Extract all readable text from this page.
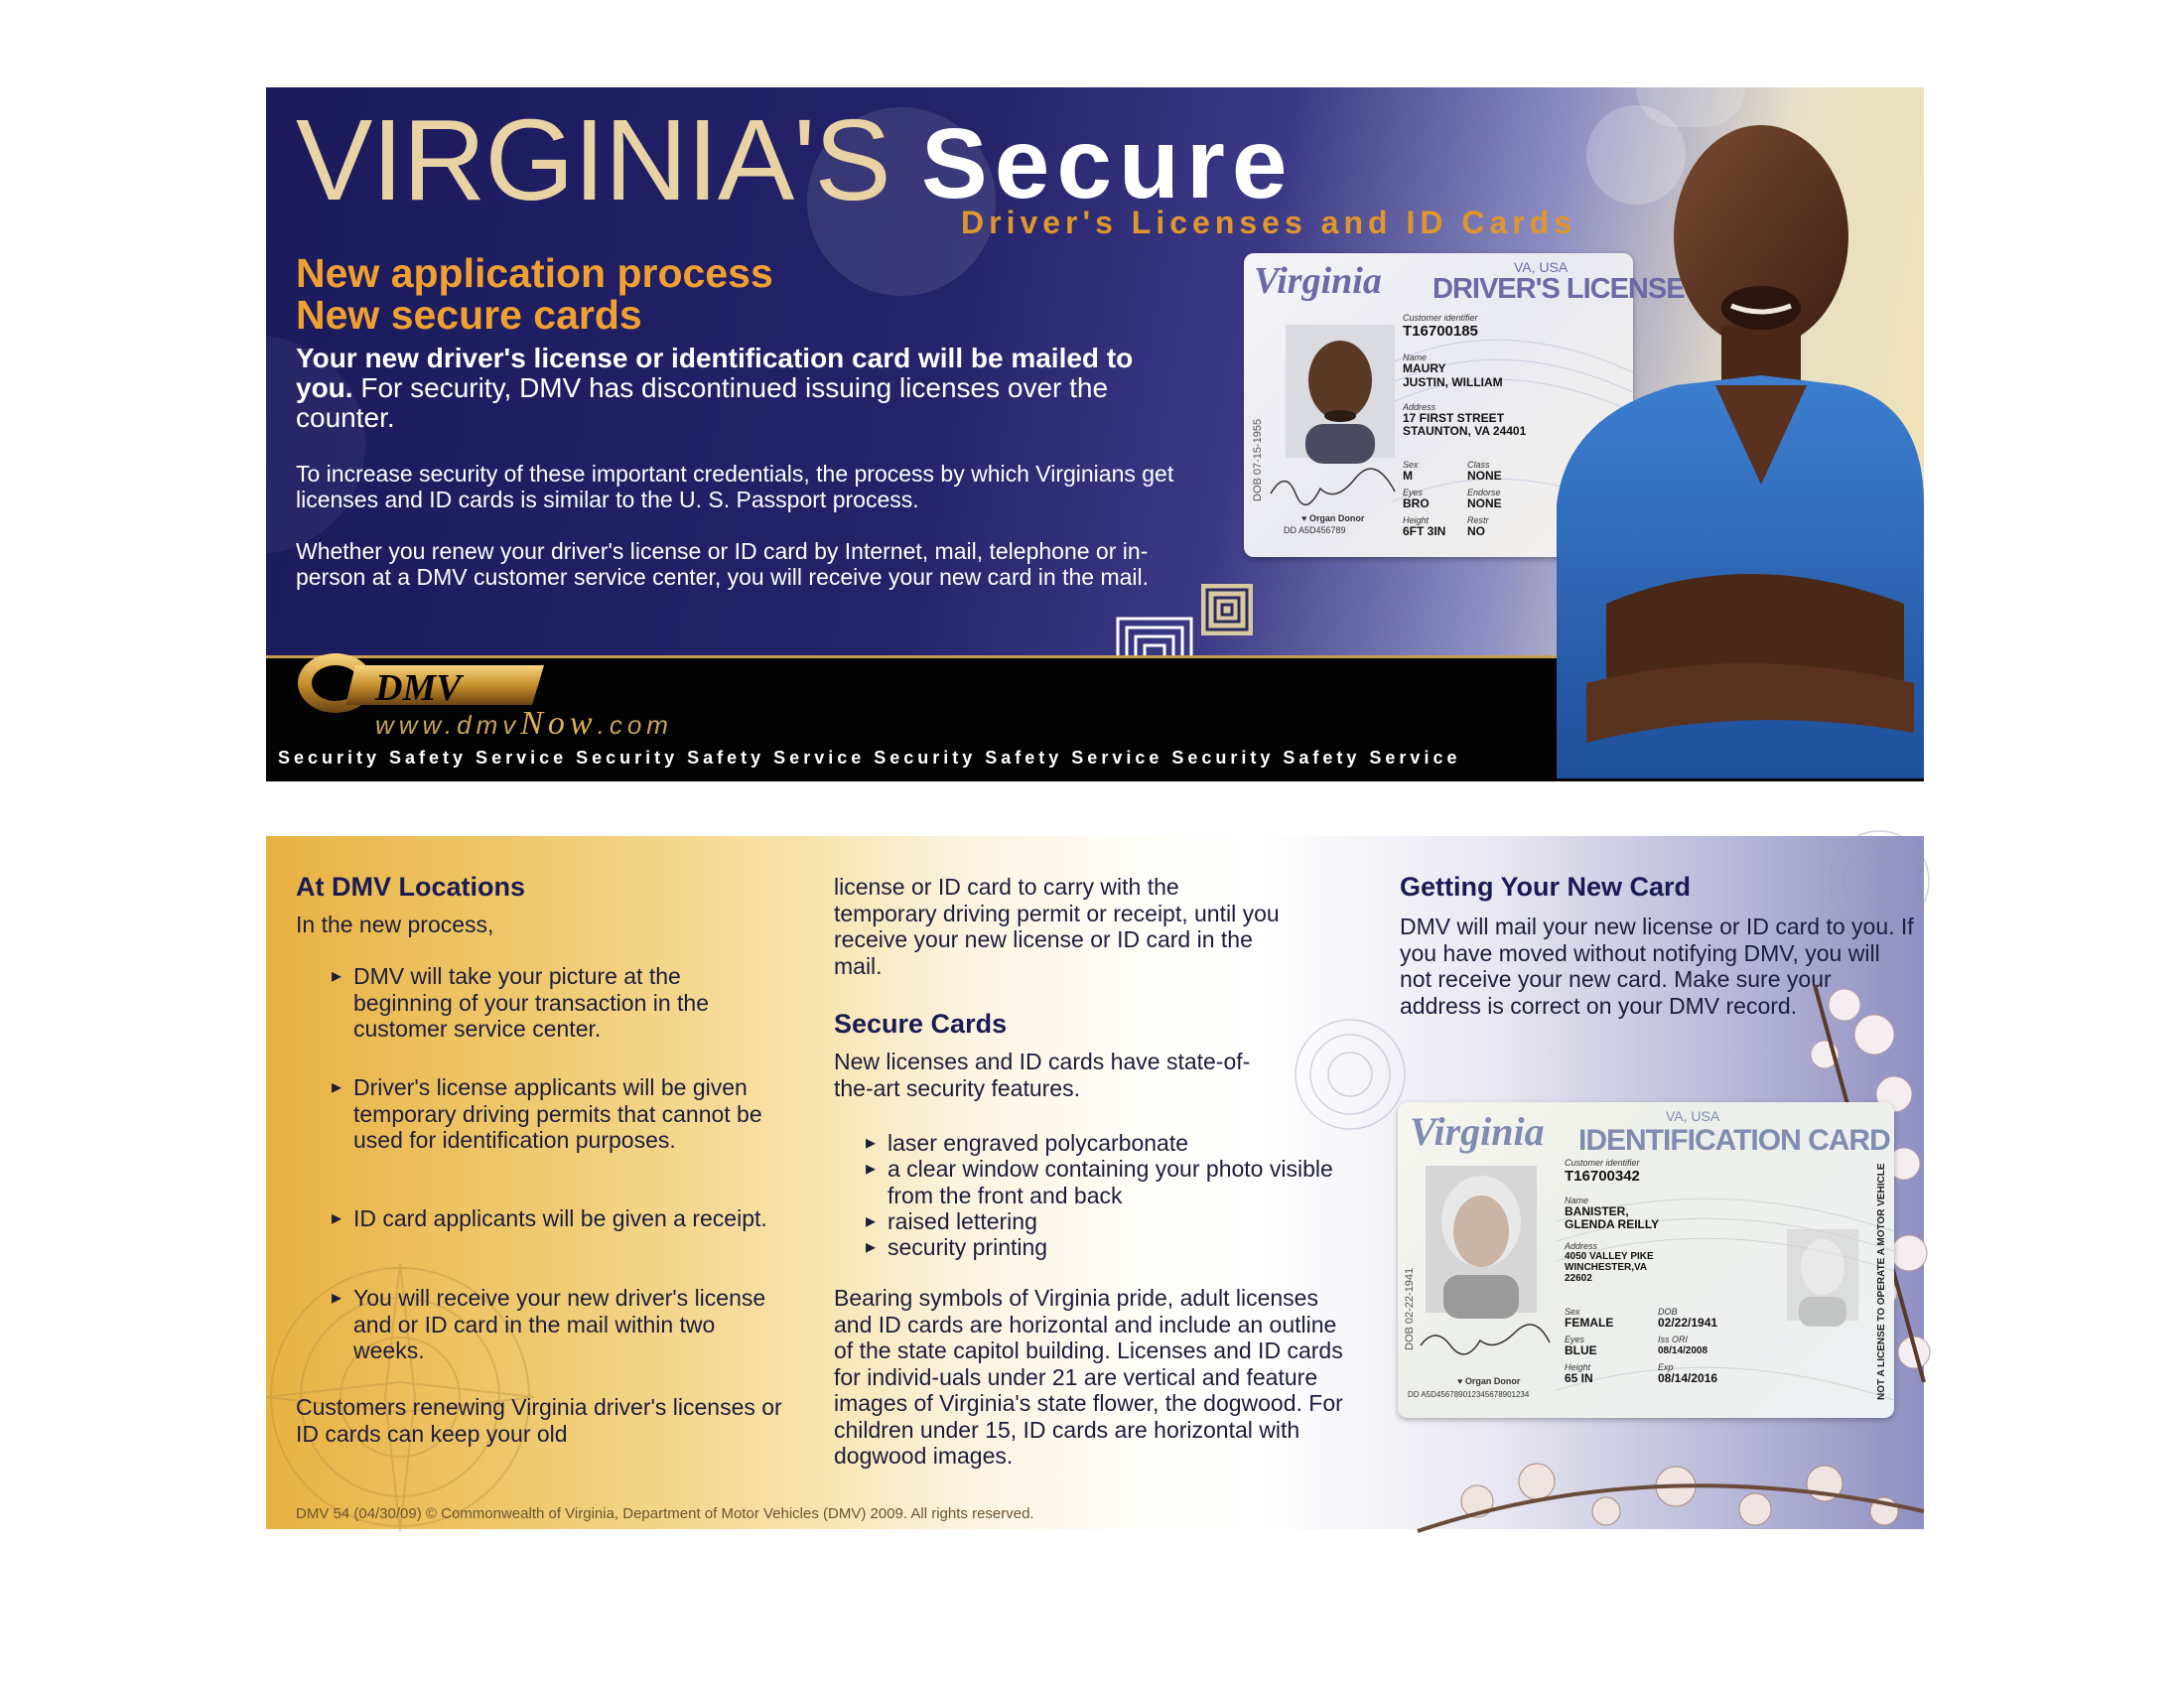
VIRGINIA'S Secure
Driver's Licenses and ID Cards
New application process
New secure cards
Your new driver's license or identification card will be mailed to you. For security, DMV has discontinued issuing licenses over the counter.
To increase security of these important credentials, the process by which Virginians get licenses and ID cards is similar to the U. S. Passport process.
Whether you renew your driver's license or ID card by Internet, mail, telephone or in-person at a DMV customer service center, you will receive your new card in the mail.
DMV
www.dmvNow.com
Security Safety Service Security Safety Service Security Safety Service Security Safety Service
Virginia DRIVER'S LICENSE
VA, USA
DOB 07-15-1955
♥ Organ Donor
DD A5D456789
Customer identifier
T16700185
Name
MAURY
JUSTIN, WILLIAM
Address
17 FIRST STREET
STAUNTON, VA 24401
Sex
M
Class
NONE
Eyes
BRO
Endorse
NONE
Height
6FT 3IN
Restr
NO
At DMV Locations
In the new process,
▸ DMV will take your picture at the beginning of your transaction in the customer service center.
▸ Driver's license applicants will be given temporary driving permits that cannot be used for identification purposes.
▸ ID card applicants will be given a receipt.
▸ You will receive your new driver's license and or ID card in the mail within two weeks.
Customers renewing Virginia driver's licenses or ID cards can keep your old
license or ID card to carry with the temporary driving permit or receipt, until you receive your new license or ID card in the mail.
Secure Cards
New licenses and ID cards have state-of-the-art security features.
▸ laser engraved polycarbonate
▸ a clear window containing your photo visible from the front and back
▸ raised lettering
▸ security printing
Bearing symbols of Virginia pride, adult licenses and ID cards are horizontal and include an outline of the state capitol building. Licenses and ID cards for individ-uals under 21 are vertical and feature images of Virginia's state flower, the dogwood. For children under 15, ID cards are horizontal with dogwood images.
Getting Your New Card
DMV will mail your new license or ID card to you. If you have moved without notifying DMV, you will not receive your new card. Make sure your address is correct on your DMV record.
Virginia IDENTIFICATION CARD
VA, USA
DOB 02-22-1941	NOT A LICENSE TO OPERATE A MOTOR VEHICLE
♥ Organ Donor
DD A5D456789012345678901234
Customer identifier
T16700342
Name
BANISTER,
GLENDA REILLY
Address
4050 VALLEY PIKE
WINCHESTER,VA
22602
Sex
FEMALE
Eyes
BLUE
Height
65 IN
DOB
02/22/1941
Iss ORI
08/14/2008
Exp
08/14/2016
DMV 54 (04/30/09) © Commonwealth of Virginia, Department of Motor Vehicles (DMV) 2009. All rights reserved.
